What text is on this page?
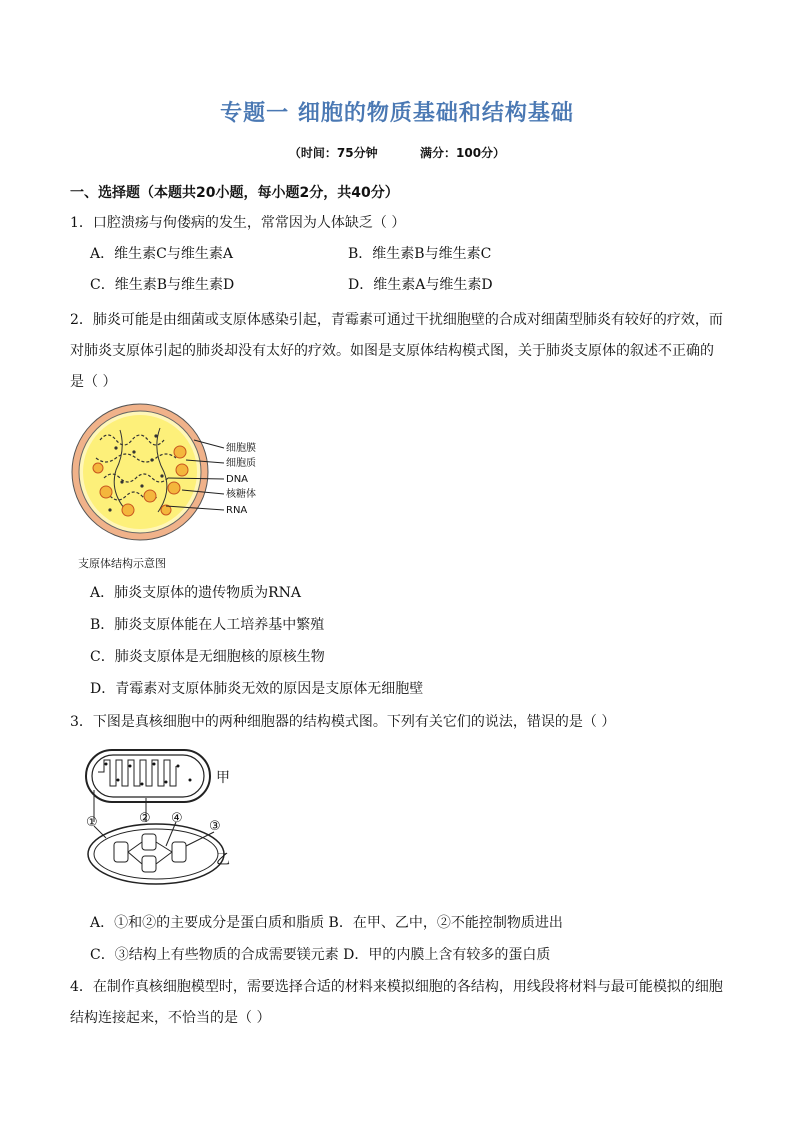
专题一 细胞的物质基础和结构基础
（时间：75分钟	满分：100分）
一、选择题（本题共20小题，每小题2分，共40分）
1．口腔溃疡与佝偻病的发生，常常因为人体缺乏（ ）
A．维生素C与维生素A	B．维生素B与维生素C
C．维生素B与维生素D	D．维生素A与维生素D
2．肺炎可能是由细菌或支原体感染引起，青霉素可通过干扰细胞壁的合成对细菌型肺炎有较好的疗效，而
对肺炎支原体引起的肺炎却没有太好的疗效。如图是支原体结构模式图，关于肺炎支原体的叙述不正确的
是（ ）
细胞膜
细胞质
DNA
核糖体
RNA
支原体结构示意图
A．肺炎支原体的遗传物质为RNA
B．肺炎支原体能在人工培养基中繁殖
C．肺炎支原体是无细胞核的原核生物
D．青霉素对支原体肺炎无效的原因是支原体无细胞壁
3．下图是真核细胞中的两种细胞器的结构模式图。下列有关它们的说法，错误的是（ ）
甲
乙
①	② ④
③
A．①和②的主要成分是蛋白质和脂质 B．在甲、乙中，②不能控制物质进出
C．③结构上有些物质的合成需要镁元素 D．甲的内膜上含有较多的蛋白质
4．在制作真核细胞模型时，需要选择合适的材料来模拟细胞的各结构，用线段将材料与最可能模拟的细胞
结构连接起来，不恰当的是（ ）
